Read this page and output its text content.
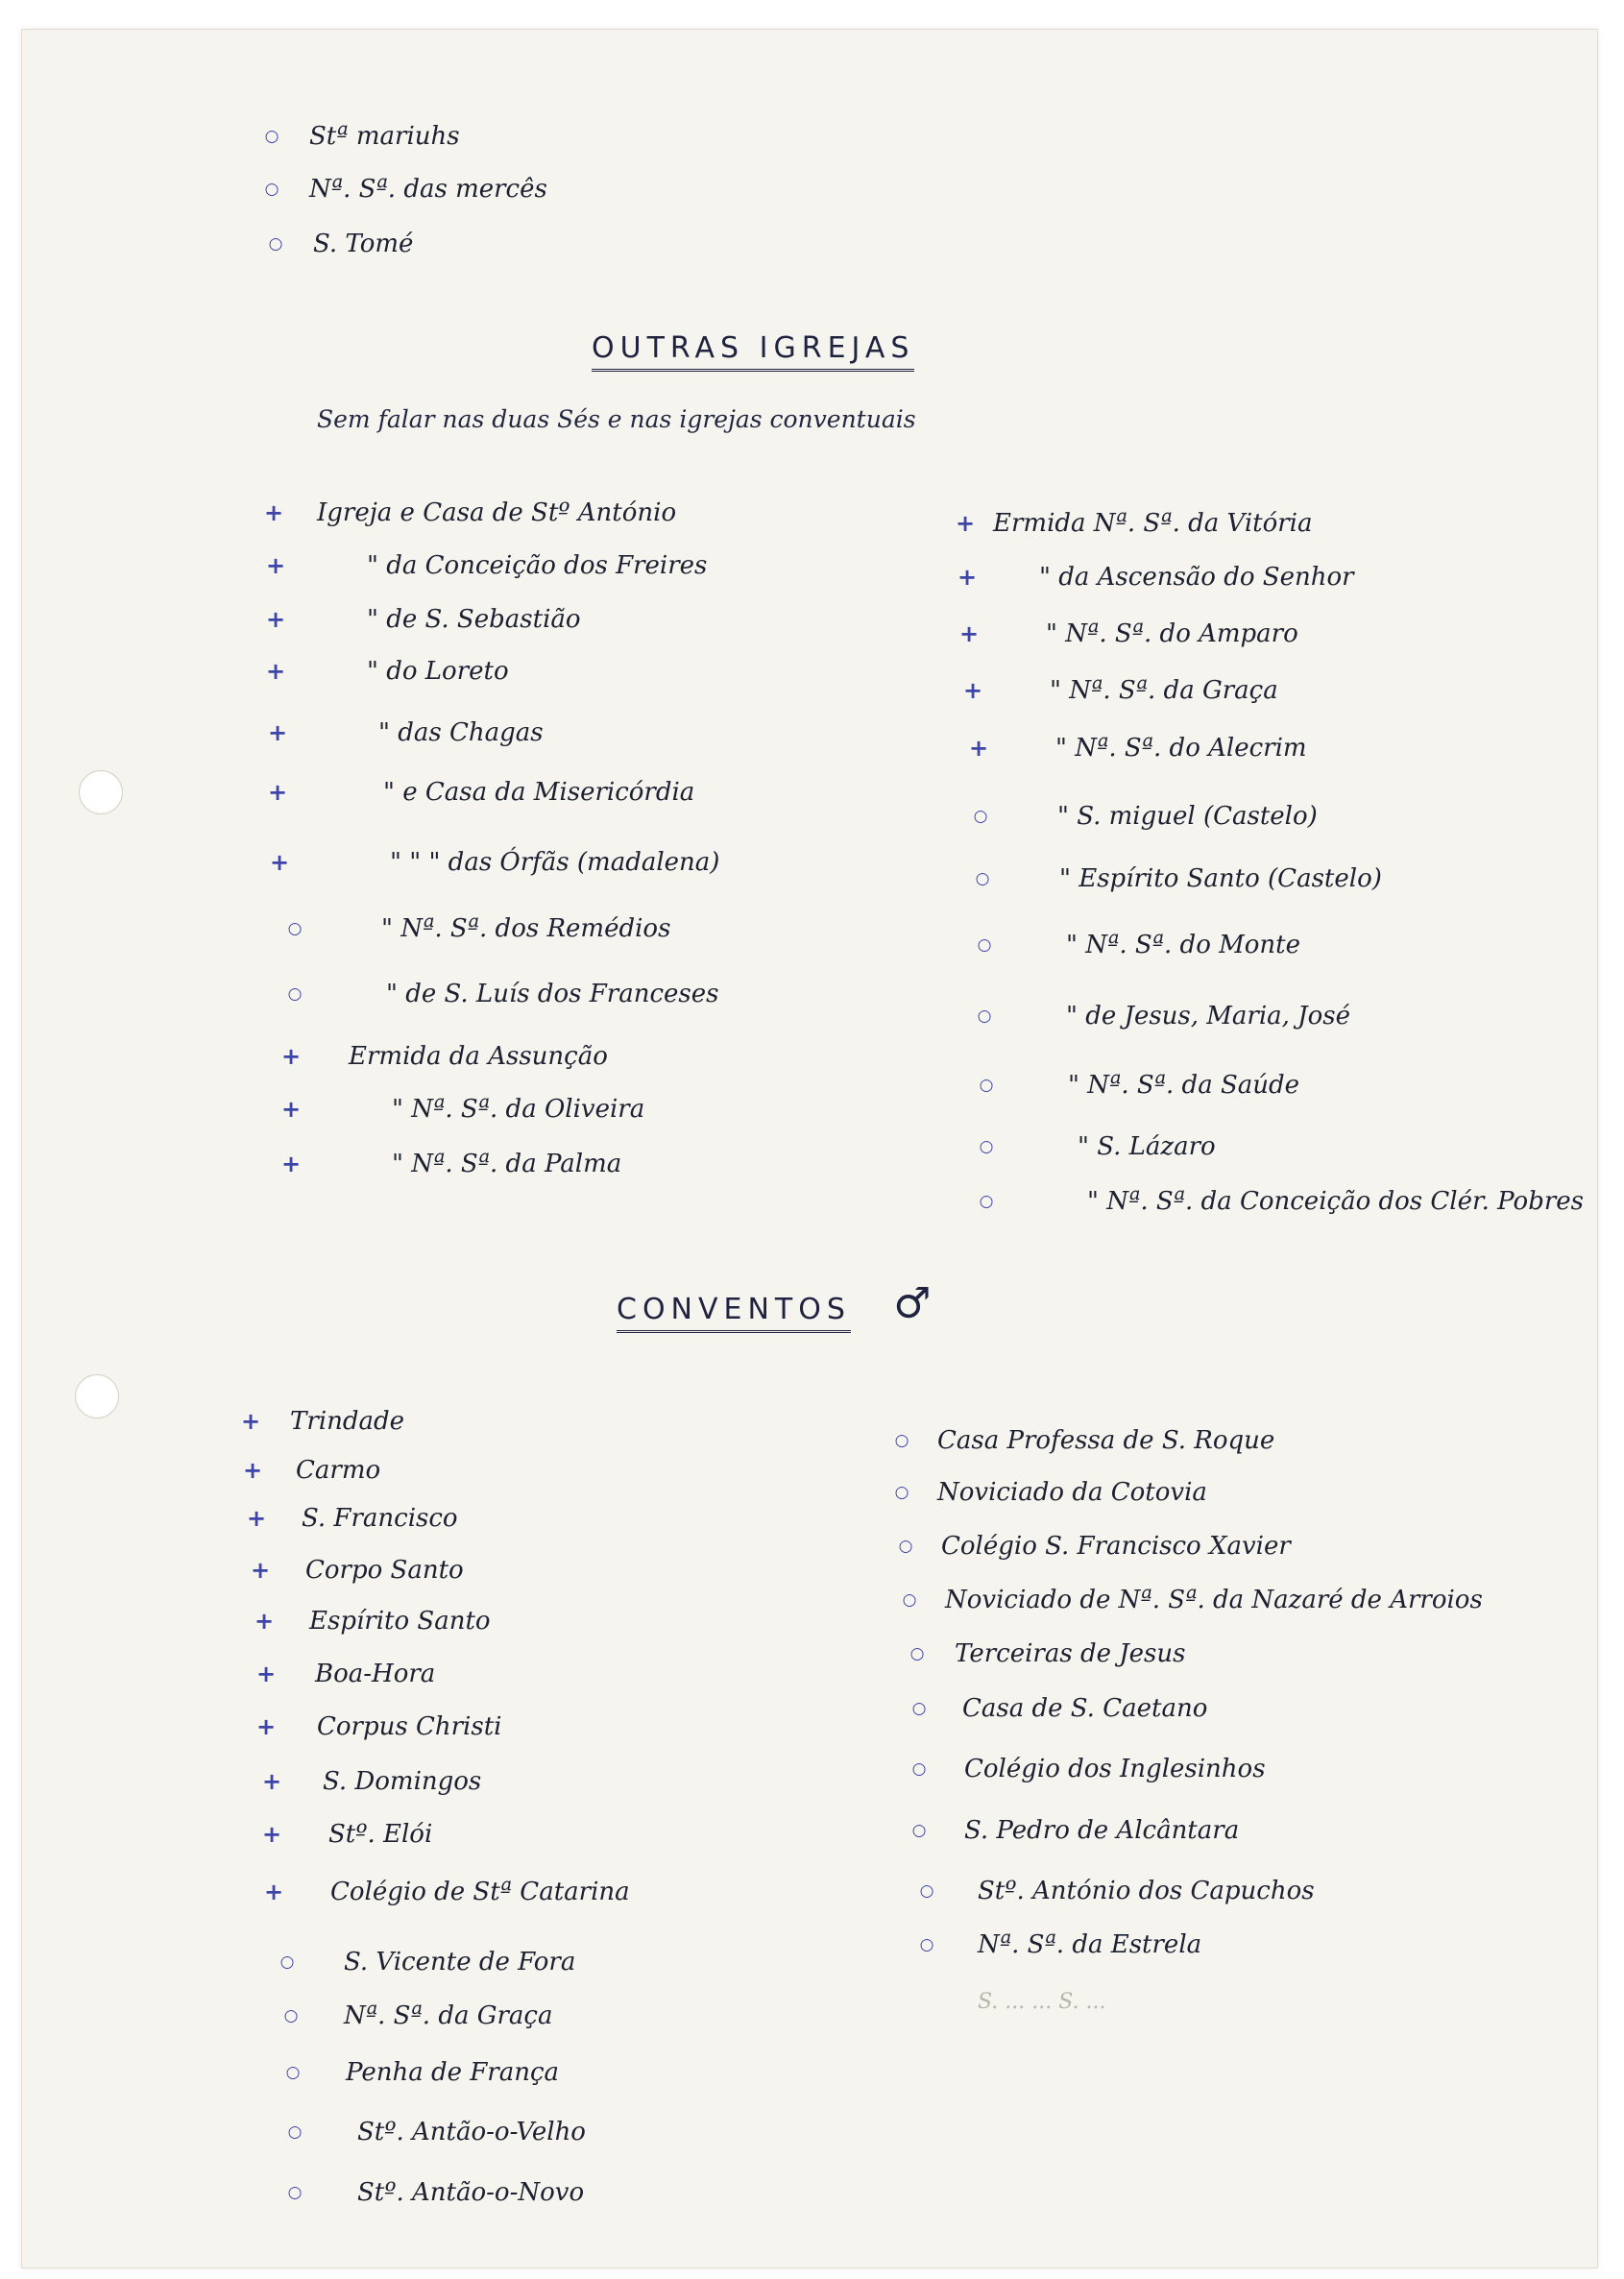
○ Stª mariuhs
○ Nª. Sª. das mercês
○ S. Tomé
OUTRAS IGREJAS
Sem falar nas duas Sés e nas igrejas conventuais
+ Igreja e Casa de Stº António
+	" da Conceição dos Freires
+	" de S. Sebastião
+	" do Loreto
+	" das Chagas
+	" e Casa da Misericórdia
+	" " " das Órfãs (madalena)
○	" Nª. Sª. dos Remédios
○	" de S. Luís dos Franceses
+ Ermida da Assunção
+	" Nª. Sª. da Oliveira
+	" Nª. Sª. da Palma
+ Ermida Nª. Sª. da Vitória
+ " da Ascensão do Senhor
+	" Nª. Sª. do Amparo
+	" Nª. Sª. da Graça
+	" Nª. Sª. do Alecrim
○	" S. miguel (Castelo)
○	" Espírito Santo (Castelo)
○	" Nª. Sª. do Monte
○	" de Jesus, Maria, José
○	" Nª. Sª. da Saúde
○	" S. Lázaro
○	" Nª. Sª. da Conceição dos Clér. Pobres
CONVENTOS ♂
+ Trindade
+ Carmo
+ S. Francisco
+ Corpo Santo
+ Espírito Santo
+ Boa-Hora
+ Corpus Christi
+ S. Domingos
+ Stº. Elói
+ Colégio de Stª Catarina
○ S. Vicente de Fora
○ Nª. Sª. da Graça
○ Penha de França
○ Stº. Antão-o-Velho
○ Stº. Antão-o-Novo
○ Casa Professa de S. Roque
○ Noviciado da Cotovia
○ Colégio S. Francisco Xavier
○ Noviciado de Nª. Sª. da Nazaré de Arroios
○ Terceiras de Jesus
○ Casa de S. Caetano
○ Colégio dos Inglesinhos
○ S. Pedro de Alcântara
○ Stº. António dos Capuchos
○ Nª. Sª. da Estrela
S. ... ... S. ...
